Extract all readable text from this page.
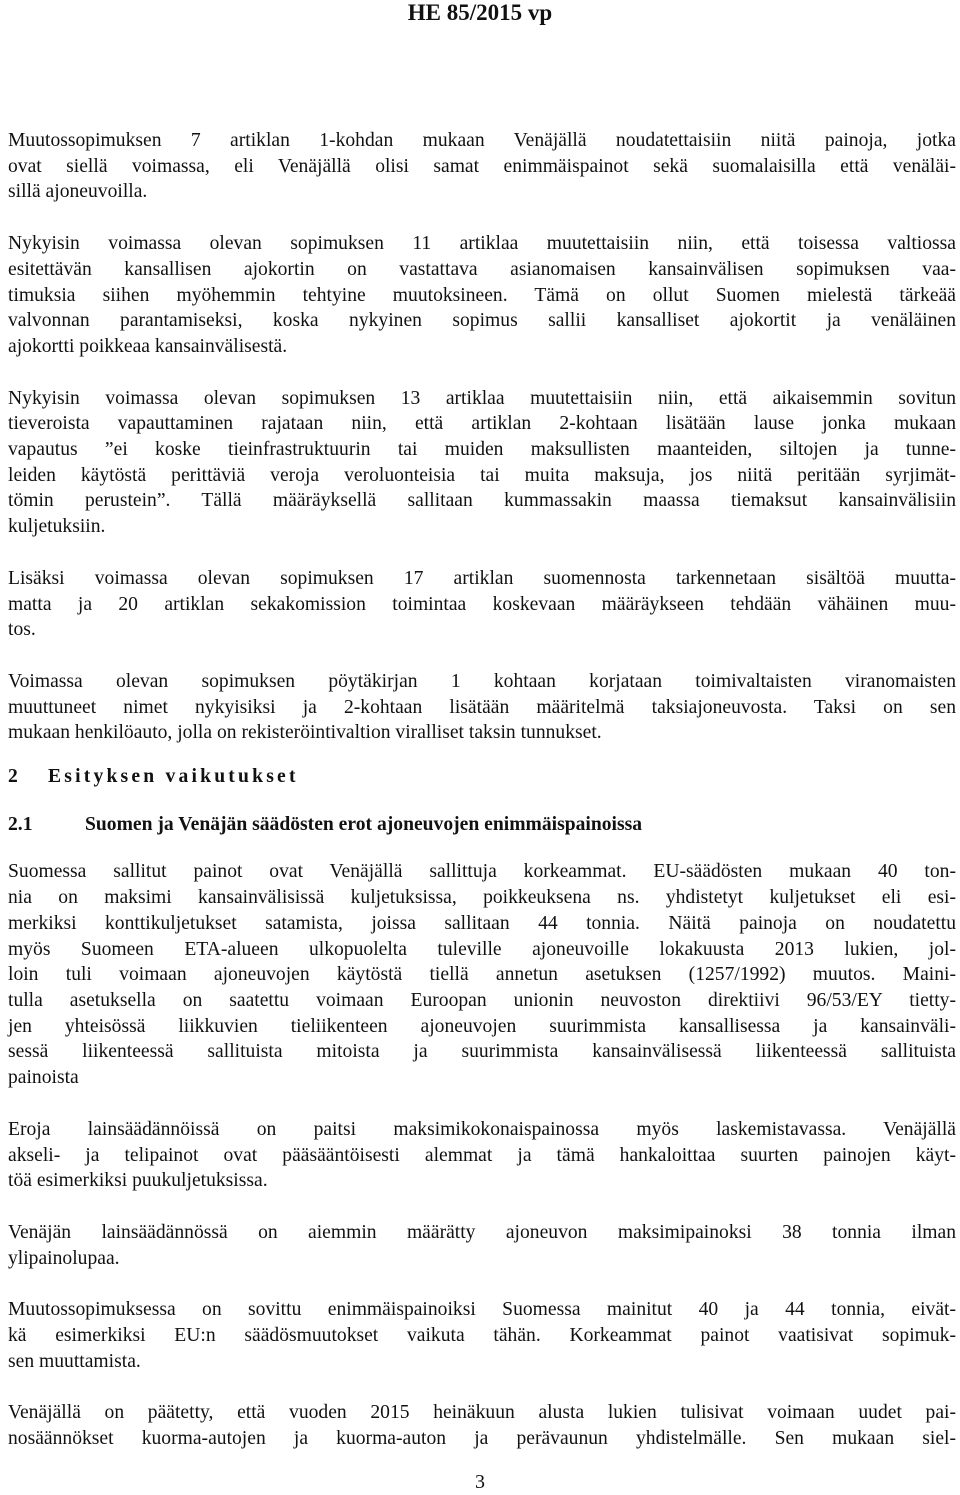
HE 85/2015 vp

Muutossopimuksen 7 artiklan 1-kohdan mukaan Venäjällä noudatettaisiin niitä painoja, jotka
ovat siellä voimassa, eli Venäjällä olisi samat enimmäispainot sekä suomalaisilla että venäläi-
sillä ajoneuvoilla.

Nykyisin voimassa olevan sopimuksen 11 artiklaa muutettaisiin niin, että toisessa valtiossa
esitettävän kansallisen ajokortin on vastattava asianomaisen kansainvälisen sopimuksen vaa-
timuksia siihen myöhemmin tehtyine muutoksineen. Tämä on ollut Suomen mielestä tärkeää
valvonnan parantamiseksi, koska nykyinen sopimus sallii kansalliset ajokortit ja venäläinen
ajokortti poikkeaa kansainvälisestä.

Nykyisin voimassa olevan sopimuksen 13 artiklaa muutettaisiin niin, että aikaisemmin sovitun
tieveroista vapauttaminen rajataan niin, että artiklan 2-kohtaan lisätään lause jonka mukaan
vapautus ”ei koske tieinfrastruktuurin tai muiden maksullisten maanteiden, siltojen ja tunne-
leiden käytöstä perittäviä veroja veroluonteisia tai muita maksuja, jos niitä peritään syrjimät-
tömin perustein”. Tällä määräyksellä sallitaan kummassakin maassa tiemaksut kansainvälisiin
kuljetuksiin.

Lisäksi voimassa olevan sopimuksen 17 artiklan suomennosta tarkennetaan sisältöä muutta-
matta ja 20 artiklan sekakomission toimintaa koskevaan määräykseen tehdään vähäinen muu-
tos.

Voimassa olevan sopimuksen pöytäkirjan 1 kohtaan korjataan toimivaltaisten viranomaisten
muuttuneet nimet nykyisiksi ja 2-kohtaan lisätään määritelmä taksiajoneuvosta. Taksi on sen
mukaan henkilöauto, jolla on rekisteröintivaltion viralliset taksin tunnukset.

2 Esityksen vaikutukset
2.1	Suomen ja Venäjän säädösten erot ajoneuvojen enimmäispainoissa

Suomessa sallitut painot ovat Venäjällä sallittuja korkeammat. EU-säädösten mukaan 40 ton-
nia on maksimi kansainvälisissä kuljetuksissa, poikkeuksena ns. yhdistetyt kuljetukset eli esi-
merkiksi konttikuljetukset satamista, joissa sallitaan 44 tonnia. Näitä painoja on noudatettu
myös Suomeen ETA-alueen ulkopuolelta tuleville ajoneuvoille lokakuusta 2013 lukien, jol-
loin tuli voimaan ajoneuvojen käytöstä tiellä annetun asetuksen (1257/1992) muutos. Maini-
tulla asetuksella on saatettu voimaan Euroopan unionin neuvoston direktiivi 96/53/EY tietty-
jen yhteisössä liikkuvien tieliikenteen ajoneuvojen suurimmista kansallisessa ja kansainväli-
sessä liikenteessä sallituista mitoista ja suurimmista kansainvälisessä liikenteessä sallituista
painoista

Eroja lainsäädännöissä on paitsi maksimikokonaispainossa myös laskemistavassa. Venäjällä
akseli- ja telipainot ovat pääsääntöisesti alemmat ja tämä hankaloittaa suurten painojen käyt-
töä esimerkiksi puukuljetuksissa.

Venäjän lainsäädännössä on aiemmin määrätty ajoneuvon maksimipainoksi 38 tonnia ilman
ylipainolupaa.

Muutossopimuksessa on sovittu enimmäispainoiksi Suomessa mainitut 40 ja 44 tonnia, eivät-
kä esimerkiksi EU:n säädösmuutokset vaikuta tähän. Korkeammat painot vaatisivat sopimuk-
sen muuttamista.

Venäjällä on päätetty, että vuoden 2015 heinäkuun alusta lukien tulisivat voimaan uudet pai-
nosäännökset kuorma-autojen ja kuorma-auton ja perävaunun yhdistelmälle. Sen mukaan siel-

3
